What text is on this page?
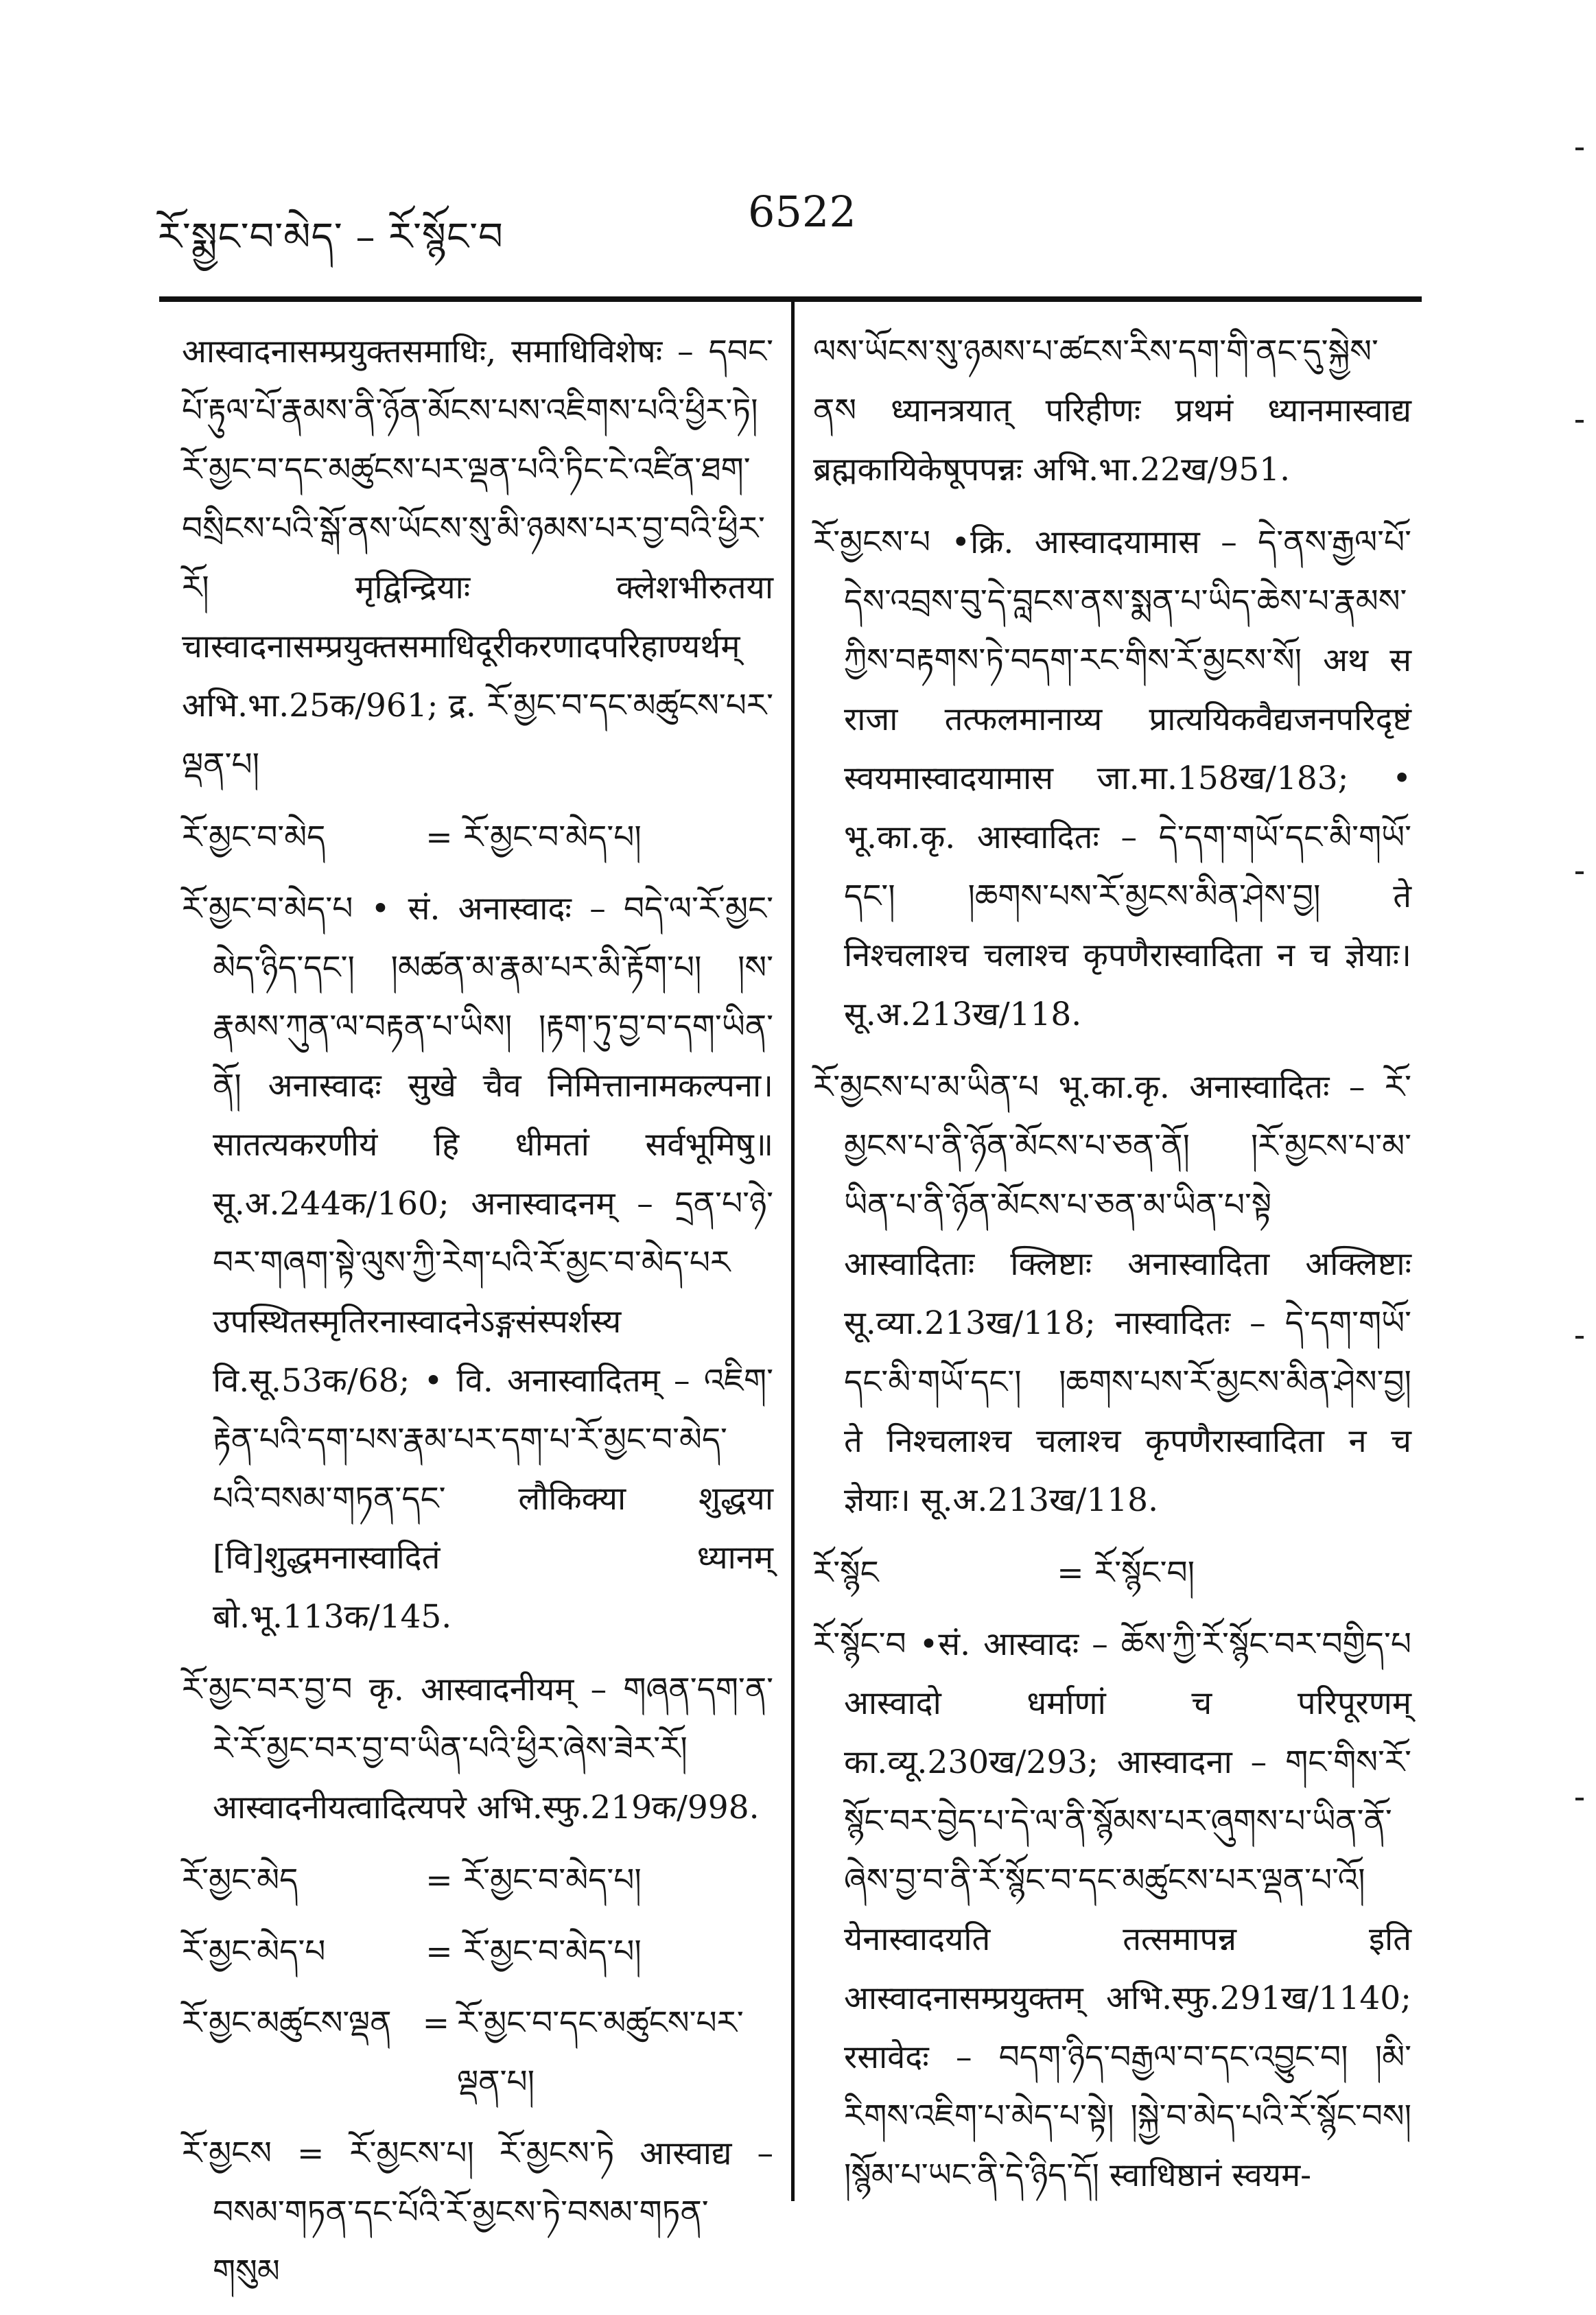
ཪོ་སྨྱང་བ་མེད་ – རོ་སྙོང་བ
6522

आस्वादनासम्प्रयुक्तसमाधिः, समाधिविशेषः – དབང་པོ་རྟུལ་པོ་རྣམས་ནི་ཉོན་མོངས་པས་འཇིགས་པའི་ཕྱིར་ཏེ། རོ་མྱང་བ་དང་མཚུངས་པར་ལྡན་པའི་ཏིང་ངེ་འཛིན་ཐག་བསྲིངས་པའི་སྒོ་ནས་ཡོངས་སུ་མི་ཉམས་པར་བྱ་བའི་ཕྱིར་རོ། मृद्विन्द्रियाः क्लेशभीरुतया चास्वादनासम्प्रयुक्तसमाधिदूरीकरणादपरिहाण्यर्थम् अभि.भा.25क/961; द्र. རོ་མྱང་བ་དང་མཚུངས་པར་ལྡན་པ།

རོ་མྱང་བ་མེད	= རོ་མྱང་བ་མེད་པ།

རོ་མྱང་བ་མེད་པ • सं. अनास्वादः – བདེ་ལ་རོ་མྱང་མེད་ཉིད་དང་། །མཚན་མ་རྣམ་པར་མི་རྟོག་པ། །ས་རྣམས་ཀུན་ལ་བརྟན་པ་ཡིས། །རྟག་ཏུ་བྱ་བ་དག་ཡིན་ནོ། अनास्वादः सुखे चैव निमित्तानामकल्पना। सातत्यकरणीयं हि धीमतां सर्वभूमिषु॥ सू.अ.244क/160; अनास्वादनम् – དྲན་པ་ཉེ་བར་གཞག་སྟེ་ལུས་ཀྱི་རེག་པའི་རོ་མྱང་བ་མེད་པར उपस्थितस्मृतिरनास्वादनेऽङ्गसंस्पर्शस्य वि.सू.53क/68; • वि. अनास्वादितम् – འཇིག་རྟེན་པའི་དག་པས་རྣམ་པར་དག་པ་རོ་མྱང་བ་མེད་པའི་བསམ་གཏན་དང་ लौकिक्या शुद्धया [वि]शुद्धमनास्वादितं ध्यानम् बो.भू.113क/145.

རོ་མྱང་བར་བྱ་བ कृ. आस्वादनीयम् – གཞན་དག་ན་རེ་རོ་མྱང་བར་བྱ་བ་ཡིན་པའི་ཕྱིར་ཞེས་ཟེར་རོ། आस्वादनीयत्वादित्यपरे अभि.स्फु.219क/998.

རོ་མྱང་མེད	= རོ་མྱང་བ་མེད་པ།
རོ་མྱང་མེད་པ	= རོ་མྱང་བ་མེད་པ།
རོ་མྱང་མཚུངས་ལྡན = རོ་མྱང་བ་དང་མཚུངས་པར་ལྡན་པ།

རོ་མྱངས = རོ་མྱངས་པ། རོ་མྱངས་ཏེ आस्वाद्य – བསམ་གཏན་དང་པོའི་རོ་མྱངས་ཏེ་བསམ་གཏན་གསུམ

ལས་ཡོངས་སུ་ཉམས་པ་ཚངས་རིས་དག་གི་ནང་དུ་སྐྱེས་ནས ध्यानत्रयात् परिहीणः प्रथमं ध्यानमास्वाद्य ब्रह्मकायिकेषूपपन्नः अभि.भा.22ख/951.

རོ་མྱངས་པ •क्रि. आस्वादयामास – དེ་ནས་རྒྱལ་པོ་དེས་འབྲས་བུ་དེ་བླངས་ནས་སྨན་པ་ཡིད་ཆེས་པ་རྣམས་ཀྱིས་བརྟགས་ཏེ་བདག་རང་གིས་རོ་མྱངས་སོ། अथ स राजा तत्फलमानाय्य प्रात्ययिकवैद्यजनपरिदृष्टं स्वयमास्वादयामास जा.मा.158ख/183; • भू.का.कृ. आस्वादितः – དེ་དག་གཡོ་དང་མི་གཡོ་དང་། །ཆགས་པས་རོ་མྱངས་མིན་ཤེས་བྱ། ते निश्चलाश्च चलाश्च कृपणैरास्वादिता न च ज्ञेयाः। सू.अ.213ख/118.

རོ་མྱངས་པ་མ་ཡིན་པ भू.का.कृ. अनास्वादितः – རོ་མྱངས་པ་ནི་ཉོན་མོངས་པ་ཅན་ནོ། །རོ་མྱངས་པ་མ་ཡིན་པ་ནི་ཉོན་མོངས་པ་ཅན་མ་ཡིན་པ་སྟེ आस्वादिताः क्लिष्टाः अनास्वादिता अक्लिष्टाः सू.व्या.213ख/118; नास्वादितः – དེ་དག་གཡོ་དང་མི་གཡོ་དང་། །ཆགས་པས་རོ་མྱངས་མིན་ཤེས་བྱ། ते निश्चलाश्च चलाश्च कृपणैरास्वादिता न च ज्ञेयाः। सू.अ.213ख/118.

རོ་སྙོང	= རོ་སྙོང་བ།

རོ་སྙོང་བ •सं. आस्वादः – ཆོས་ཀྱི་རོ་སྙོང་བར་བགྱིད་པ आस्वादो धर्माणां च परिपूरणम् का.व्यू.230ख/293; आस्वादना – གང་གིས་རོ་སྙོང་བར་བྱེད་པ་དེ་ལ་ནི་སྙོམས་པར་ཞུགས་པ་ཡིན་ནོ་ཞེས་བྱ་བ་ནི་རོ་སྙོང་བ་དང་མཚུངས་པར་ལྡན་པ་འོ། येनास्वादयति तत्समापन्न इति आस्वादनासम्प्रयुक्तम् अभि.स्फु.291ख/1140; रसावेदः – བདག་ཉིད་བརྒྱལ་བ་དང་འབྱུང་བ། །མི་རིགས་འཇིག་པ་མེད་པ་སྟེ། །སྐྱེ་བ་མེད་པའི་རོ་སྙོང་བས། །སྙོམ་པ་ཡང་ནི་དེ་ཉིད་དོ། स्वाधिष्ठानं स्वयम-
